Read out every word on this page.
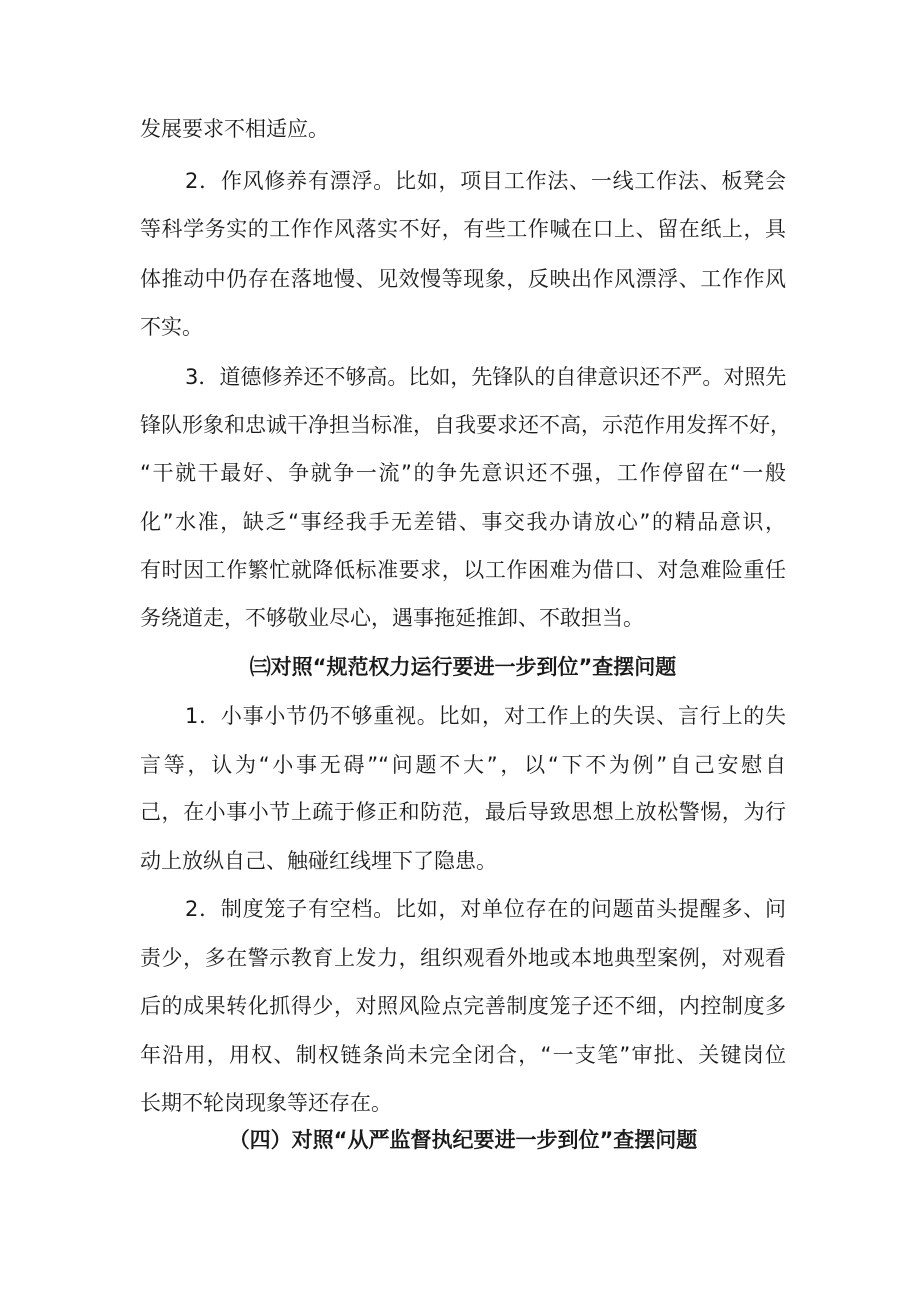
发展要求不相适应。
2．作风修养有漂浮。比如，项目工作法、一线工作法、板凳会
等科学务实的工作作风落实不好，有些工作喊在口上、留在纸上，具
体推动中仍存在落地慢、见效慢等现象，反映出作风漂浮、工作作风
不实。
3．道德修养还不够高。比如，先锋队的自律意识还不严。对照先
锋队形象和忠诚干净担当标准，自我要求还不高，示范作用发挥不好，
“干就干最好、争就争一流”的争先意识还不强，工作停留在“一般
化”水准，缺乏“事经我手无差错、事交我办请放心”的精品意识，
有时因工作繁忙就降低标准要求，以工作困难为借口、对急难险重任
务绕道走，不够敬业尽心，遇事拖延推卸、不敢担当。
㈢对照“规范权力运行要进一步到位”查摆问题
1．小事小节仍不够重视。比如，对工作上的失误、言行上的失
言等，认为“小事无碍”“问题不大”，以“下不为例”自己安慰自
己，在小事小节上疏于修正和防范，最后导致思想上放松警惕，为行
动上放纵自己、触碰红线埋下了隐患。
2．制度笼子有空档。比如，对单位存在的问题苗头提醒多、问
责少，多在警示教育上发力，组织观看外地或本地典型案例，对观看
后的成果转化抓得少，对照风险点完善制度笼子还不细，内控制度多
年沿用，用权、制权链条尚未完全闭合，“一支笔”审批、关键岗位
长期不轮岗现象等还存在。
（四）对照“从严监督执纪要进一步到位”查摆问题
